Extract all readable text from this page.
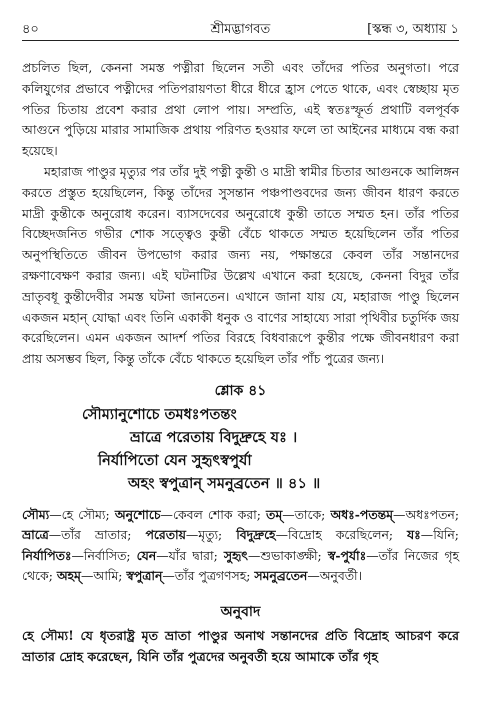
৪০	শ্রীমদ্ভাগবত	[স্কন্ধ ৩, অধ্যায় ১

প্রচলিত ছিল, কেননা সমস্ত পত্নীরা ছিলেন সতী এবং তাঁদের পতির অনুগতা। পরে কলিযুগের প্রভাবে পত্নীদের পতিপরায়ণতা ধীরে ধীরে হ্রাস পেতে থাকে, এবং স্বেচ্ছায় মৃত পতির চিতায় প্রবেশ করার প্রথা লোপ পায়। সম্প্রতি, এই স্বতঃস্ফূর্ত প্রথাটি বলপূর্বক আগুনে পুড়িয়ে মারার সামাজিক প্রথায় পরিণত হওয়ার ফলে তা আইনের মাধ্যমে বন্ধ করা হয়েছে।

মহারাজ পাণ্ডুর মৃত্যুর পর তাঁর দুই পত্নী কুন্তী ও মাদ্রী স্বামীর চিতার আগুনকে আলিঙ্গন করতে প্রস্তুত হয়েছিলেন, কিন্তু তাঁদের সুসন্তান পঞ্চপাণ্ডবদের জন্য জীবন ধারণ করতে মাদ্রী কুন্তীকে অনুরোধ করেন। ব্যাসদেবের অনুরোধে কুন্তী তাতে সম্মত হন। তাঁর পতির বিচ্ছেদজনিত গভীর শোক সত্ত্বেও কুন্তী বেঁচে থাকতে সম্মত হয়েছিলেন তাঁর পতির অনুপস্থিতিতে জীবন উপভোগ করার জন্য নয়, পক্ষান্তরে কেবল তাঁর সন্তানদের রক্ষণাবেক্ষণ করার জন্য। এই ঘটনাটির উল্লেখ এখানে করা হয়েছে, কেননা বিদুর তাঁর ভ্রাতৃবধূ কুন্তীদেবীর সমস্ত ঘটনা জানতেন। এখানে জানা যায় যে, মহারাজ পাণ্ডু ছিলেন একজন মহান্‌ যোদ্ধা এবং তিনি একাকী ধনুক ও বাণের সাহায্যে সারা পৃথিবীর চতুর্দিক জয় করেছিলেন। এমন একজন আদর্শ পতির বিরহে বিধবারূপে কুন্তীর পক্ষে জীবনধারণ করা প্রায় অসম্ভব ছিল, কিন্তু তাঁকে বেঁচে থাকতে হয়েছিল তাঁর পাঁচ পুত্রের জন্য।

শ্লোক ৪১
সৌম্যানুশোচে তমধঃপতন্তং
ভ্রাত্রে পরেতায় বিদুদ্রুহে যঃ ।
নির্যাপিতো যেন সুহৃৎস্বপুর্যা
অহং স্বপুত্রান্ সমনুব্রতেন ॥ ৪১ ॥
সৌম্য—হে সৌম্য; অনুশোচে—কেবল শোক করা; তম্—তাকে; অধঃ-পতন্তম্—অধঃপতন; ভ্রাত্রে—তাঁর ভ্রাতার; পরেতায়—মৃত্যু; বিদুদ্রুহে—বিদ্রোহ করেছিলেন; যঃ—যিনি; নির্যাপিতঃ—নির্বাসিত; যেন—যাঁর দ্বারা; সুহৃৎ—শুভাকাঙ্ক্ষী; স্ব-পুর্যাঃ—তাঁর নিজের গৃহ থেকে; অহম্—আমি; স্বপুত্রান্—তাঁর পুত্রগণসহ; সমনুব্রতেন—অনুবর্তী।
অনুবাদ
হে সৌম্য! যে ধৃতরাষ্ট্র মৃত ভ্রাতা পাণ্ডুর অনাথ সন্তানদের প্রতি বিদ্রোহ আচরণ করে ভ্রাতার দ্রোহ করেছেন, যিনি তাঁর পুত্রদের অনুবর্তী হয়ে আমাকে তাঁর গৃহ
